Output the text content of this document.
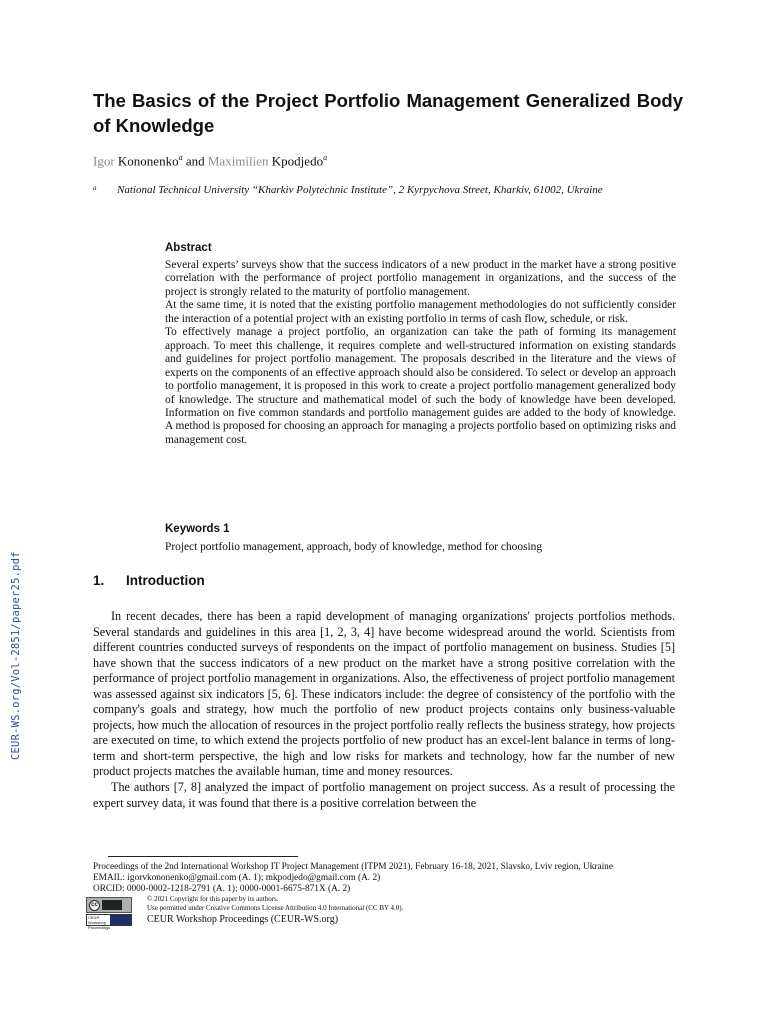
CEUR-WS.org/Vol-2851/paper25.pdf
The Basics of the Project Portfolio Management Generalized Body of Knowledge
Igor Kononenko$^a$ and Maximilien Kpodjedo$^a$
a National Technical University “Kharkiv Polytechnic Institute”, 2 Kyrpychova Street, Kharkiv, 61002, Ukraine
Abstract

Several experts’ surveys show that the success indicators of a new product in the market have a strong positive correlation with the performance of project portfolio management in organizations, and the success of the project is strongly related to the maturity of portfolio management.

At the same time, it is noted that the existing portfolio management methodologies do not sufficiently consider the interaction of a potential project with an existing portfolio in terms of cash flow, schedule, or risk.

To effectively manage a project portfolio, an organization can take the path of forming its management approach. To meet this challenge, it requires complete and well-structured information on existing standards and guidelines for project portfolio management. The proposals described in the literature and the views of experts on the components of an effective approach should also be considered. To select or develop an approach to portfolio management, it is proposed in this work to create a project portfolio management generalized body of knowledge. The structure and mathematical model of such the body of knowledge have been developed. Information on five common standards and portfolio management guides are added to the body of knowledge. A method is proposed for choosing an approach for managing a projects portfolio based on optimizing risks and management cost.

Keywords 1
Project portfolio management, approach, body of knowledge, method for choosing
1. Introduction

In recent decades, there has been a rapid development of managing organizations' projects portfolios methods. Several standards and guidelines in this area [1, 2, 3, 4] have become widespread around the world. Scientists from different countries conducted surveys of respondents on the impact of portfolio management on business. Studies [5] have shown that the success indicators of a new product on the market have a strong positive correlation with the performance of project portfolio management in organizations. Also, the effectiveness of project portfolio management was assessed against six indicators [5, 6]. These indicators include: the degree of consistency of the portfolio with the company's goals and strategy, how much the portfolio of new product projects contains only business-valuable projects, how much the allocation of resources in the project portfolio really reflects the business strategy, how projects are executed on time, to which extend the projects portfolio of new product has an excel-lent balance in terms of long-term and short-term perspective, the high and low risks for markets and technology, how far the number of new product projects matches the available human, time and money resources.

The authors [7, 8] analyzed the impact of portfolio management on project success. As a result of processing the expert survey data, it was found that there is a positive correlation between the

Proceedings of the 2nd International Workshop IT Project Management (ITPM 2021), February 16-18, 2021, Slavsko, Lviv region, Ukraine
EMAIL: igorvkononenko@gmail.com (A. 1); mkpodjedo@gmail.com (A. 2)
ORCID: 0000-0002-1218-2791 (A. 1); 0000-0001-6675-871X (A. 2)
cc
CEUR Workshop Proceedings
© 2021 Copyright for this paper by its authors.
Use permitted under Creative Commons License Attribution 4.0 International (CC BY 4.0).
CEUR Workshop Proceedings (CEUR-WS.org)
